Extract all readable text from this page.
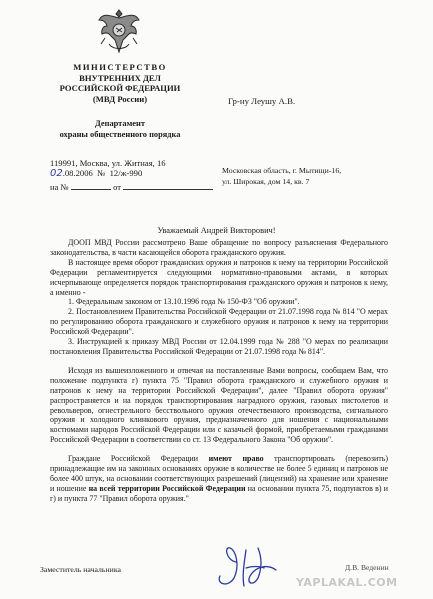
МИНИСТЕРСТВО
ВНУТРЕННИХ ДЕЛ
РОССИЙСКОЙ ФЕДЕРАЦИИ
(МВД России)
Департамент
охраны общественного порядка
119991, Москва, ул. Житная, 16
02.08.2006 № 12/ж-990
на №	от
Гр-ну Леушу А.В.
Московская область, г. Мытищи-16,
ул. Широкая, дом 14, кв. 7
Уважаемый Андрей Викторович!

ДООП МВД России рассмотрено Ваше обращение по вопросу разъяснения Федерального законодательства, в части касающейся оборота гражданского оружия.

В настоящее время оборот гражданских оружия и патронов к нему на территории Российской Федерации регламентируется следующими нормативно-правовыми актами, в которых исчерпывающе определяется порядок транспортирования гражданского оружия и патронов к нему, а именно -

1. Федеральным законом от 13.10.1996 года № 150-ФЗ "Об оружии".

2. Постановлением Правительства Российской Федерации от 21.07.1998 года № 814 "О мерах по регулированию оборота гражданского и служебного оружия и патронов к нему на территории Российской Федерации".

3. Инструкцией к приказу МВД России от 12.04.1999 года № 288 "О мерах по реализации постановления Правительства Российской Федерации от 21.07.1998 года № 814".

Исходя из вышеизложенного и отвечая на поставленные Вами вопросы, сообщаем Вам, что положение подпункта г) пункта 75 "Правил оборота гражданского и служебного оружия и патронов к нему на территории Российской Федерации", далее "Правил оборота оружия" распространяется и на порядок транспортирования наградного оружия, газовых пистолетов и револьверов, огнестрельного бесствольного оружия отечественного производства, сигнального оружия и холодного клинкового оружия, предназначенного для ношения с национальными костюмами народов Российской Федерации или с казачьей формой, приобретаемыми гражданами Российской Федерации в соответствии со ст. 13 Федерального Закона "Об оружии".

Граждане Российской Федерации имеют право транспортировать (перевозить) принадлежащие им на законных основаниях оружие в количестве не более 5 единиц и патронов не более 400 штук, на основании соответствующих разрешений (лицензий) на хранение или хранение и ношение на всей территории Российской Федерации на основании пункта 75, подпунктов в) и г) и пункта 77 "Правил оборота оружия."

Заместитель начальника	Д.В. Веденин
YAPLAKAL.COM
